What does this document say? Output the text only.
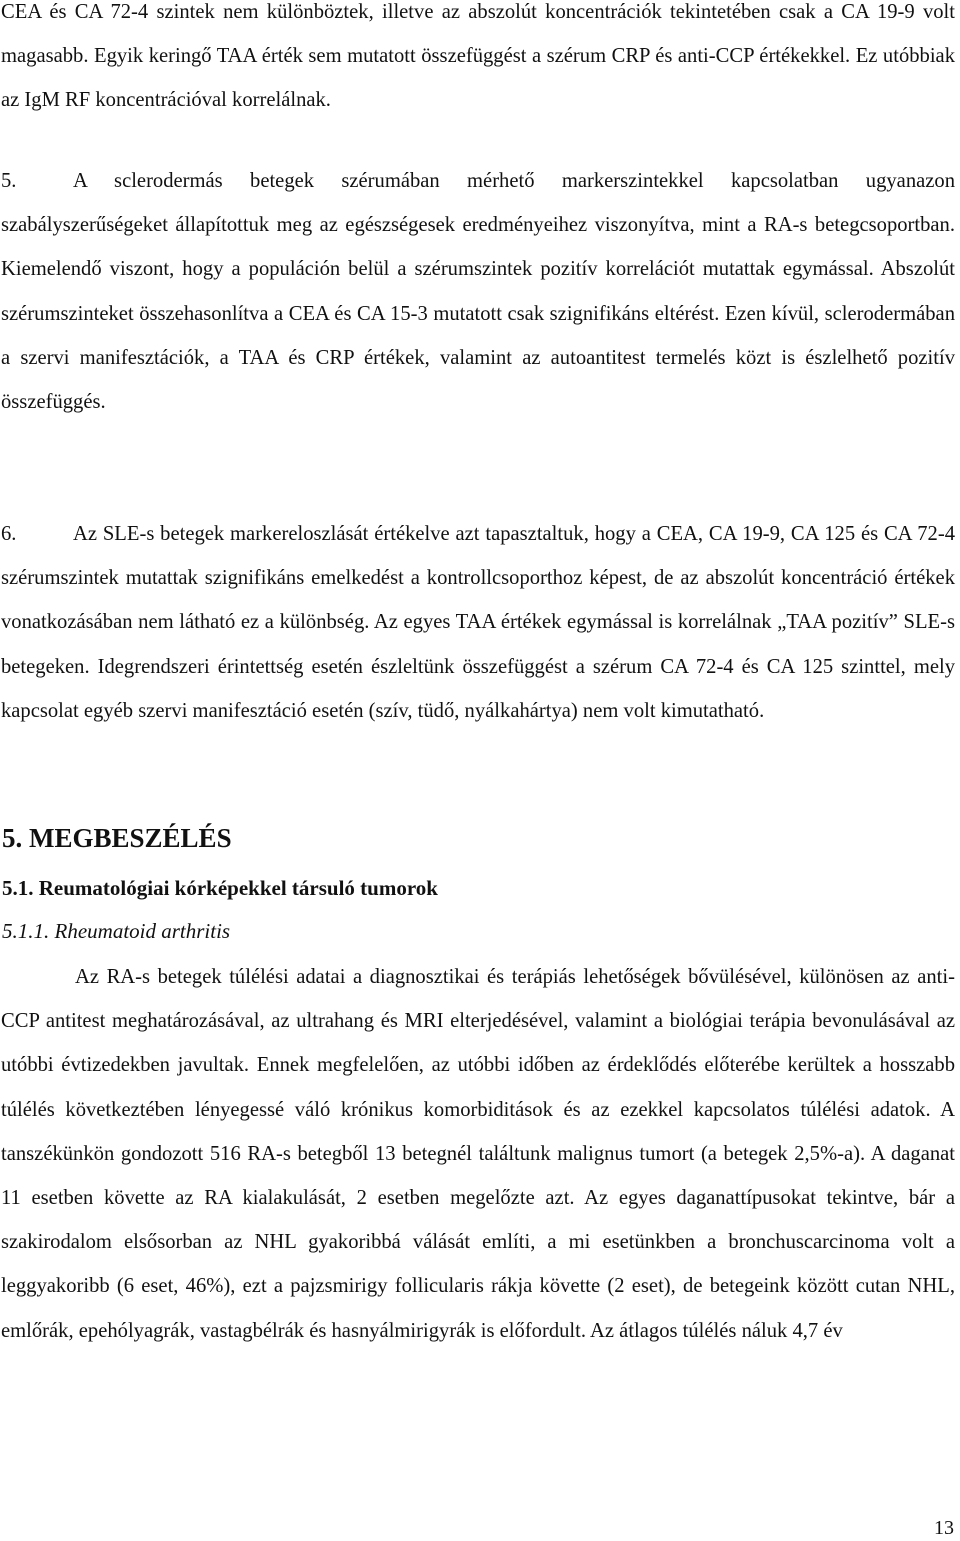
CEA és CA 72-4 szintek nem különböztek, illetve az abszolút koncentrációk tekintetében csak a CA 19-9 volt magasabb. Egyik keringő TAA érték sem mutatott összefüggést a szérum CRP és anti-CCP értékekkel. Ez utóbbiak az IgM RF koncentrációval korrelálnak.

5.	A sclerodermás betegek szérumában mérhető markerszintekkel kapcsolatban ugyanazon szabályszerűségeket állapítottuk meg az egészségesek eredményeihez viszonyítva, mint a RA-s betegcsoportban. Kiemelendő viszont, hogy a populáción belül a szérumszintek pozitív korrelációt mutattak egymással. Abszolút szérumszinteket összehasonlítva a CEA és CA 15-3 mutatott csak szignifikáns eltérést. Ezen kívül, sclerodermában a szervi manifesztációk, a TAA és CRP értékek, valamint az autoantitest termelés közt is észlelhető pozitív összefüggés.

6.	Az SLE-s betegek markereloszlását értékelve azt tapasztaltuk, hogy a CEA, CA 19-9, CA 125 és CA 72-4 szérumszintek mutattak szignifikáns emelkedést a kontrollcsoporthoz képest, de az abszolút koncentráció értékek vonatkozásában nem látható ez a különbség. Az egyes TAA értékek egymással is korrelálnak „TAA pozitív” SLE-s betegeken. Idegrendszeri érintettség esetén észleltünk összefüggést a szérum CA 72-4 és CA 125 szinttel, mely kapcsolat egyéb szervi manifesztáció esetén (szív, tüdő, nyálkahártya) nem volt kimutatható.

5. MEGBESZÉLÉS
5.1. Reumatológiai kórképekkel társuló tumorok
5.1.1. Rheumatoid arthritis

Az RA-s betegek túlélési adatai a diagnosztikai és terápiás lehetőségek bővülésével, különösen az anti-CCP antitest meghatározásával, az ultrahang és MRI elterjedésével, valamint a biológiai terápia bevonulásával az utóbbi évtizedekben javultak. Ennek megfelelően, az utóbbi időben az érdeklődés előterébe kerültek a hosszabb túlélés következtében lényegessé váló krónikus komorbiditások és az ezekkel kapcsolatos túlélési adatok. A tanszékünkön gondozott 516 RA-s betegből 13 betegnél találtunk malignus tumort (a betegek 2,5%-a). A daganat 11 esetben követte az RA kialakulását, 2 esetben megelőzte azt. Az egyes daganattípusokat tekintve, bár a szakirodalom elsősorban az NHL gyakoribbá válását említi, a mi esetünkben a bronchuscarcinoma volt a leggyakoribb (6 eset, 46%), ezt a pajzsmirigy follicularis rákja követte (2 eset), de betegeink között cutan NHL, emlőrák, epehólyagrák, vastagbélrák és hasnyálmirigyrák is előfordult. Az átlagos túlélés náluk 4,7 év

13
